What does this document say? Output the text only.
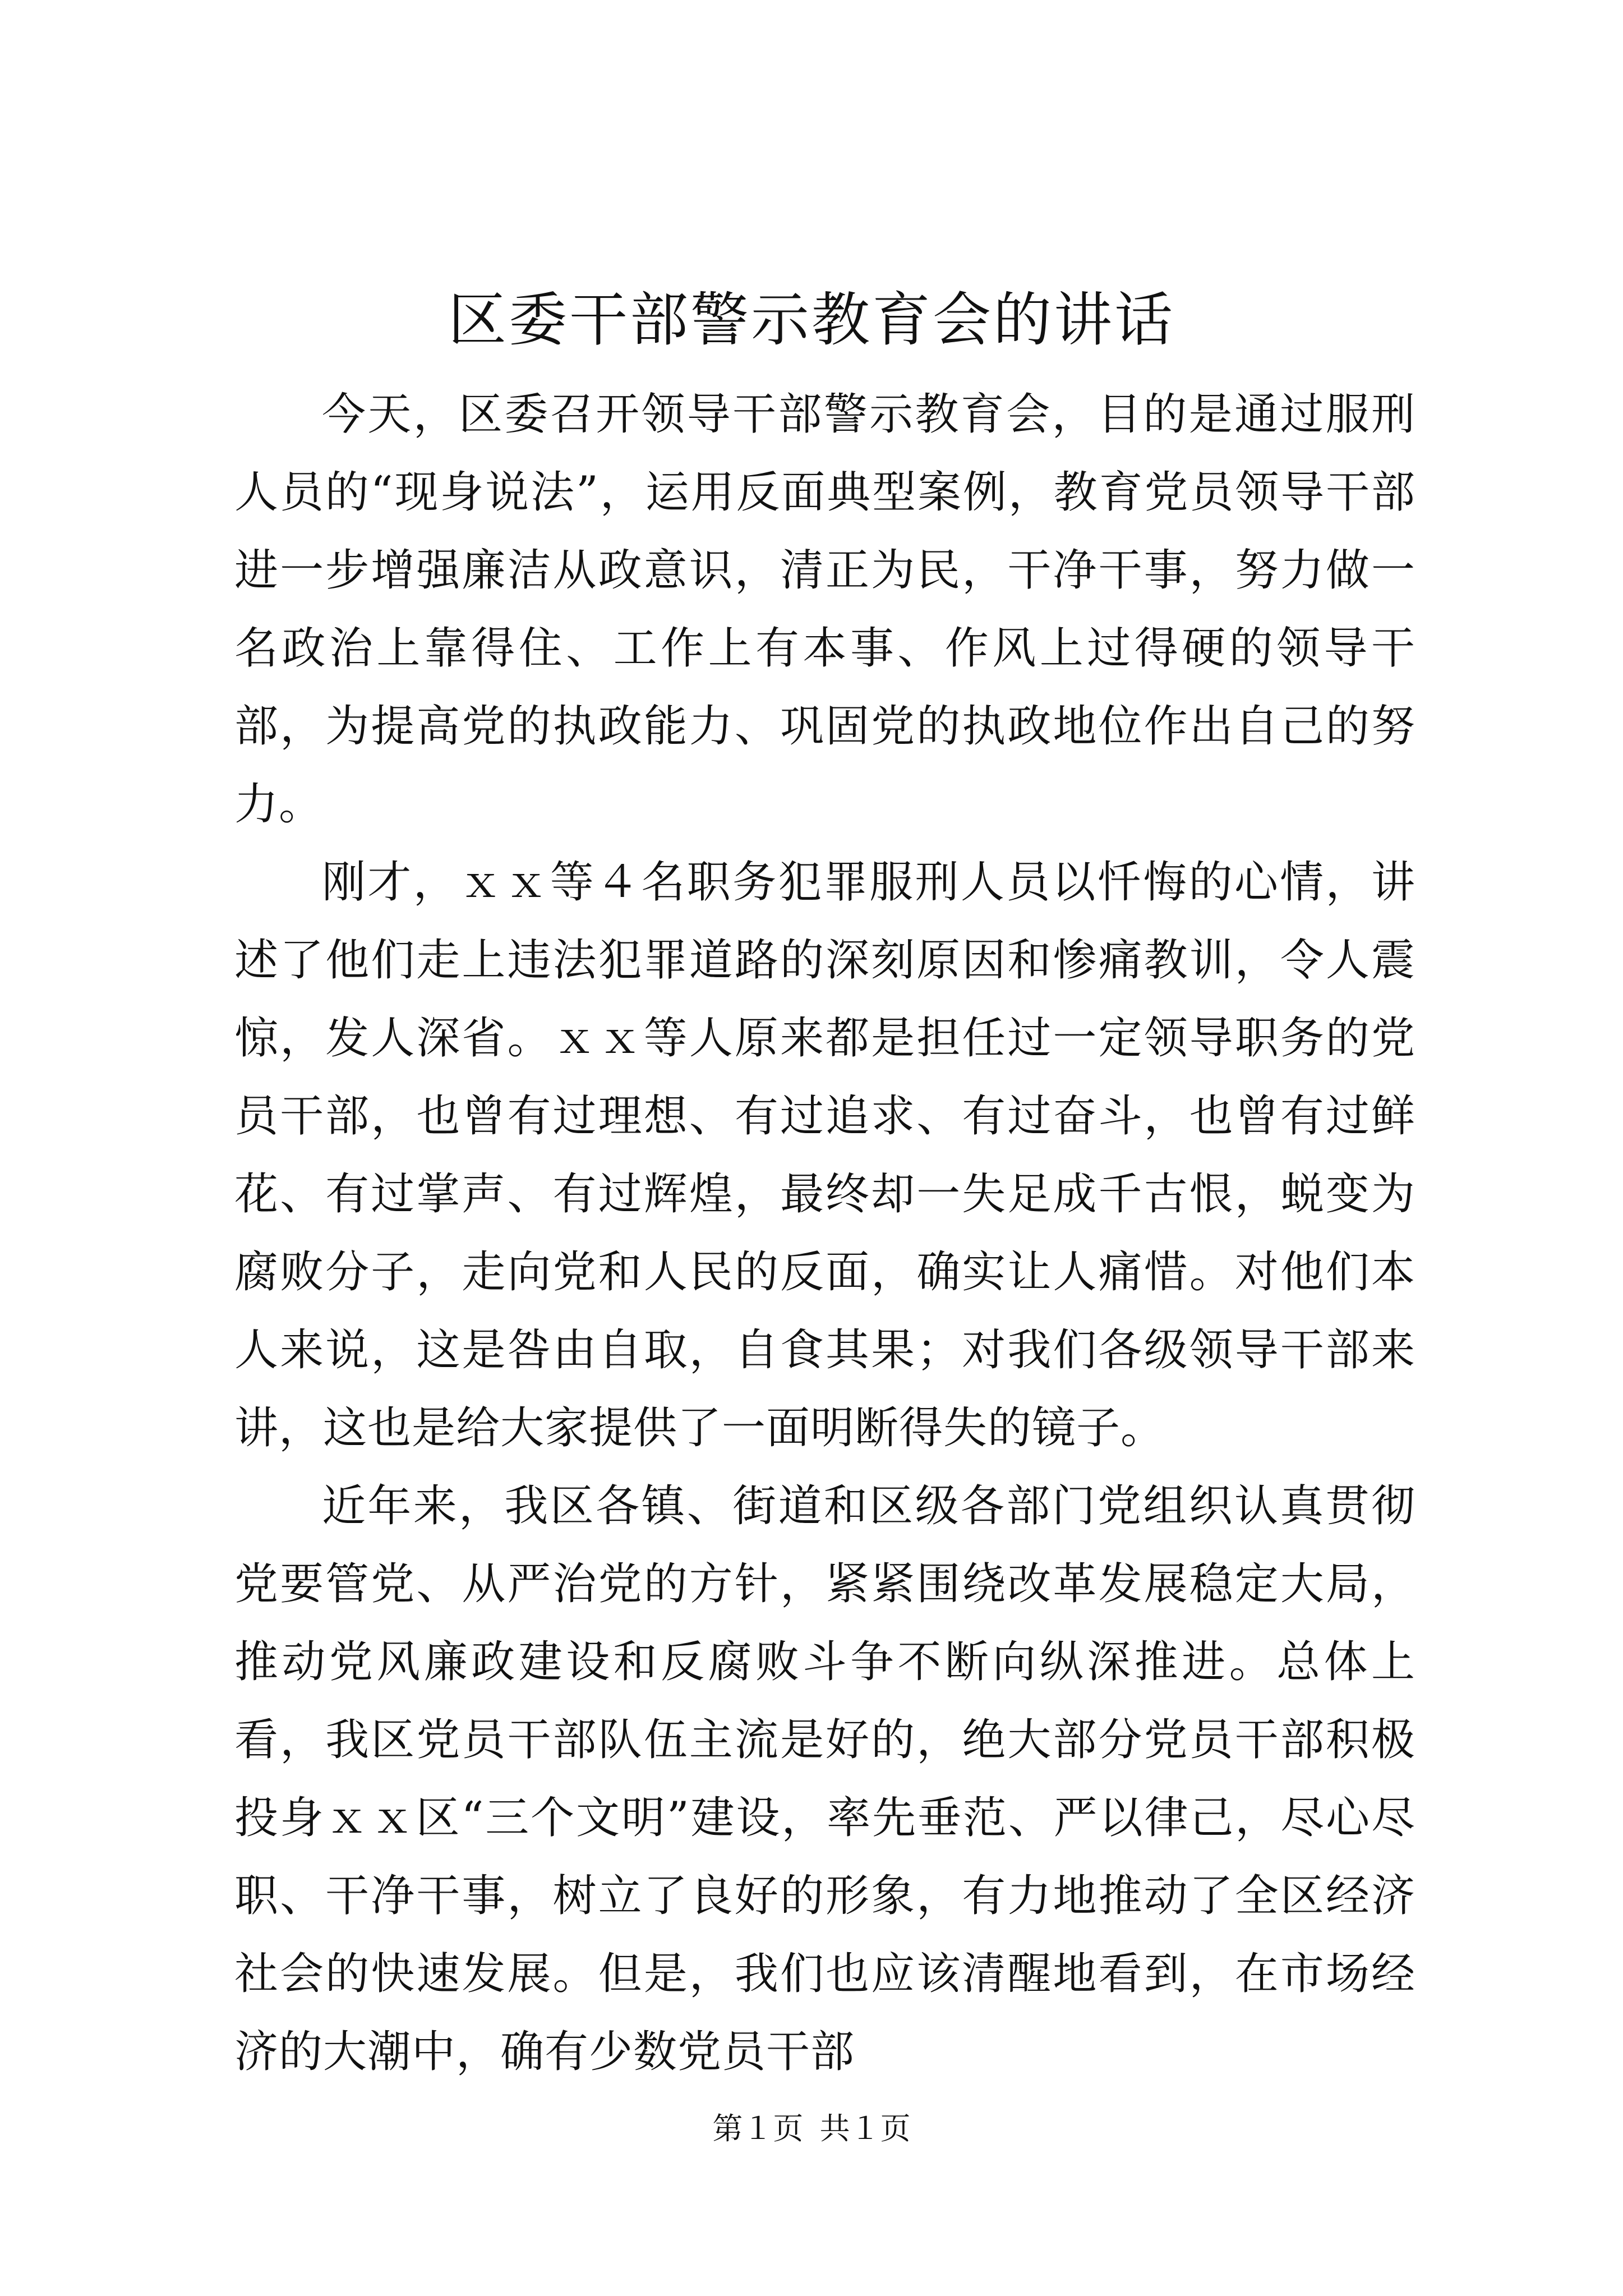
区委干部警示教育会的讲话

今天，区委召开领导干部警示教育会，目的是通过服刑人员的“现身说法”，运用反面典型案例，教育党员领导干部进一步增强廉洁从政意识，清正为民，干净干事，努力做一名政治上靠得住、工作上有本事、作风上过得硬的领导干部，为提高党的执政能力、巩固党的执政地位作出自己的努力。

刚才，ｘｘ等４名职务犯罪服刑人员以忏悔的心情，讲述了他们走上违法犯罪道路的深刻原因和惨痛教训，令人震惊，发人深省。ｘｘ等人原来都是担任过一定领导职务的党员干部，也曾有过理想、有过追求、有过奋斗，也曾有过鲜花、有过掌声、有过辉煌，最终却一失足成千古恨，蜕变为腐败分子，走向党和人民的反面，确实让人痛惜。对他们本人来说，这是咎由自取，自食其果；对我们各级领导干部来讲，这也是给大家提供了一面明断得失的镜子。

近年来，我区各镇、街道和区级各部门党组织认真贯彻党要管党、从严治党的方针，紧紧围绕改革发展稳定大局，推动党风廉政建设和反腐败斗争不断向纵深推进。总体上看，我区党员干部队伍主流是好的，绝大部分党员干部积极投身ｘｘ区“三个文明”建设，率先垂范、严以律己，尽心尽职、干净干事，树立了良好的形象，有力地推动了全区经济社会的快速发展。但是，我们也应该清醒地看到，在市场经济的大潮中，确有少数党员干部

第１页 共１页
